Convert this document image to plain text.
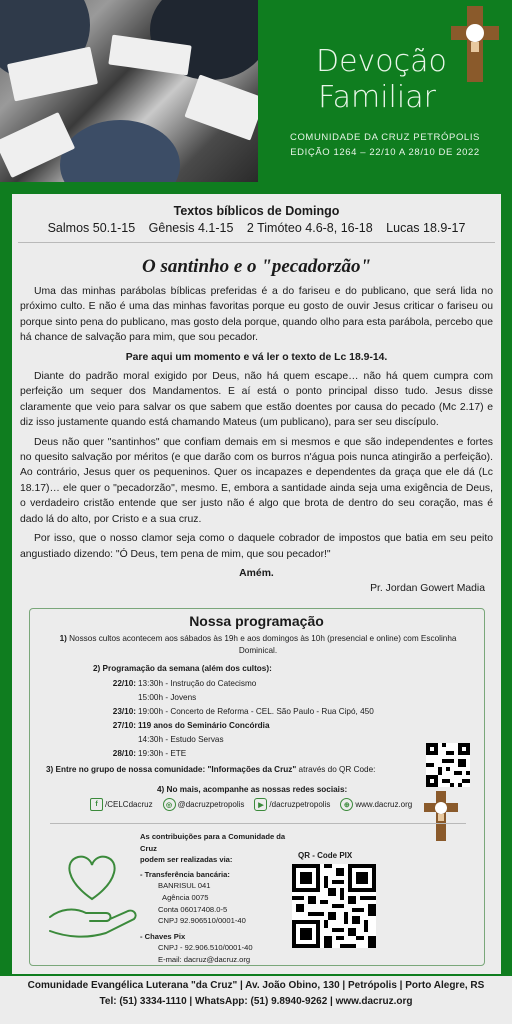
Devoção
Familiar
COMUNIDADE DA CRUZ PETRÓPOLIS
EDIÇÃO 1264 – 22/10 A 28/10 DE 2022
Textos bíblicos de Domingo
Salmos 50.1-15 Gênesis 4.1-15 2 Timóteo 4.6-8, 16-18 Lucas 18.9-17
O santinho e o "pecadorzão"

Uma das minhas parábolas bíblicas preferidas é a do fariseu e do publicano, que será lida no próximo culto. E não é uma das minhas favoritas porque eu gosto de ouvir Jesus criticar o fariseu ou porque sinto pena do publicano, mas gosto dela porque, quando olho para esta parábola, percebo que há chance de salvação para mim, que sou pecador.

Pare aqui um momento e vá ler o texto de Lc 18.9-14.

Diante do padrão moral exigido por Deus, não há quem escape… não há quem cumpra com perfeição um sequer dos Mandamentos. E aí está o ponto principal disso tudo. Jesus disse claramente que veio para salvar os que sabem que estão doentes por causa do pecado (Mc 2.17) e diz isso justamente quando está chamando Mateus (um publicano), para ser seu discípulo.

Deus não quer "santinhos" que confiam demais em si mesmos e que são independentes e fortes no quesito salvação por méritos (e que darão com os burros n'água pois nunca atingirão a perfeição). Ao contrário, Jesus quer os pequeninos. Quer os incapazes e dependentes da graça que ele dá (Lc 18.17)… ele quer o "pecadorzão", mesmo. E, embora a santidade ainda seja uma exigência de Deus, o verdadeiro cristão entende que ser justo não é algo que brota de dentro do seu coração, mas é dado lá do alto, por Cristo e a sua cruz.

Por isso, que o nosso clamor seja como o daquele cobrador de impostos que batia em seu peito angustiado dizendo: "Ó Deus, tem pena de mim, que sou pecador!"

Amém.

Pr. Jordan Gowert Madia

Nossa programação
1) Nossos cultos acontecem aos sábados às 19h e aos domingos às 10h (presencial e online) com Escolinha Dominical.
2) Programação da semana (além dos cultos):
22/10: 13:30h - Instrução do Catecismo
15:00h - Jovens
23/10: 19:00h - Concerto de Reforma - CEL. São Paulo - Rua Cipó, 450
27/10: 119 anos do Seminário Concórdia
14:30h - Estudo Servas
28/10: 19:30h - ETE
3) Entre no grupo de nossa comunidade: "Informações da Cruz" através do QR Code:
4) No mais, acompanhe as nossas redes sociais:
f /CELCdacruz	◎ @dacruzpetropolis	▶ /dacruzpetropolis	⊕ www.dacruz.org
As contribuições para a Comunidade da Cruz
podem ser realizadas via:
- Transferência bancária:
BANRISUL 041
Agência 0075
Conta 06017408.0-5
CNPJ 92.906510/0001-40
- Chaves Pix
CNPJ - 92.906.510/0001-40
E-mail: dacruz@dacruz.org
QR - Code PIX
Comunidade Evangélica Luterana "da Cruz" | Av. João Obino, 130 | Petrópolis | Porto Alegre, RS
Tel: (51) 3334-1110 | WhatsApp: (51) 9.8940-9262 | www.dacruz.org
